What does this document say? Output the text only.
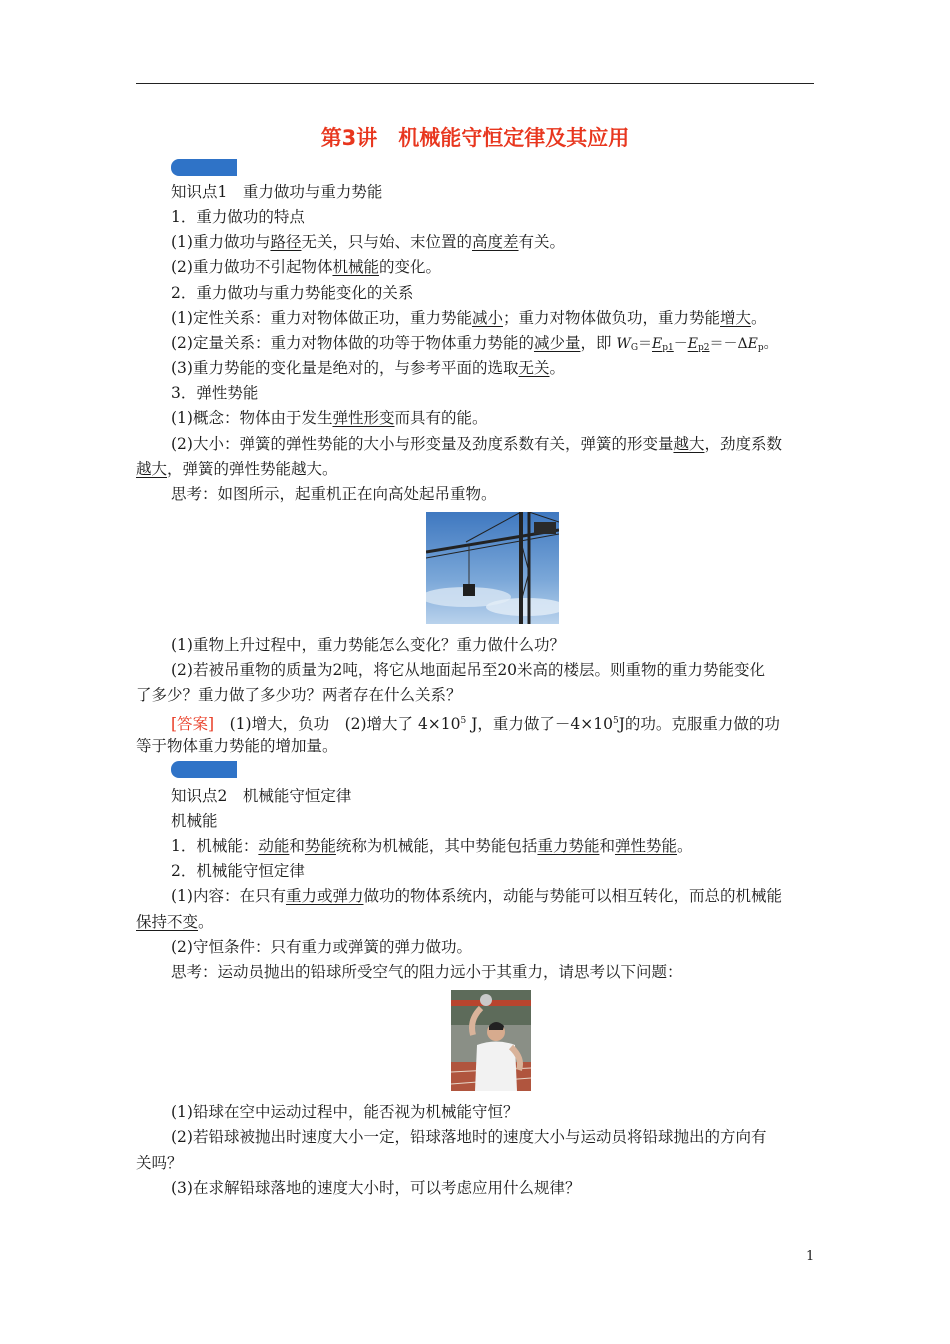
第3讲　机械能守恒定律及其应用
知识点1　重力做功与重力势能
1．重力做功的特点
(1)重力做功与路径无关，只与始、末位置的高度差有关。
(2)重力做功不引起物体机械能的变化。
2．重力做功与重力势能变化的关系
(1)定性关系：重力对物体做正功，重力势能减小；重力对物体做负功，重力势能增大。
(2)定量关系：重力对物体做的功等于物体重力势能的减少量，即 $W_G=E_{p1}-E_{p2}=-\Delta E_p$。
(3)重力势能的变化量是绝对的，与参考平面的选取无关。
3．弹性势能
(1)概念：物体由于发生弹性形变而具有的能。
(2)大小：弹簧的弹性势能的大小与形变量及劲度系数有关，弹簧的形变量越大，劲度系数
越大，弹簧的弹性势能越大。
思考：如图所示，起重机正在向高处起吊重物。
(1)重物上升过程中，重力势能怎么变化？重力做什么功？
(2)若被吊重物的质量为2吨，将它从地面起吊至20米高的楼层。则重物的重力势能变化
了多少？重力做了多少功？两者存在什么关系？
[答案]　(1)增大，负功　(2)增大了 $4\times 10^5$ J，重力做了$-4\times 10^5J$的功。克服重力做的功
等于物体重力势能的增加量。
知识点2　机械能守恒定律
机械能
1．机械能：动能和势能统称为机械能，其中势能包括重力势能和弹性势能。
2．机械能守恒定律
(1)内容：在只有重力或弹力做功的物体系统内，动能与势能可以相互转化，而总的机械能
保持不变。
(2)守恒条件：只有重力或弹簧的弹力做功。
思考：运动员抛出的铅球所受空气的阻力远小于其重力，请思考以下问题：
(1)铅球在空中运动过程中，能否视为机械能守恒？
(2)若铅球被抛出时速度大小一定，铅球落地时的速度大小与运动员将铅球抛出的方向有
关吗？
(3)在求解铅球落地的速度大小时，可以考虑应用什么规律？
1
